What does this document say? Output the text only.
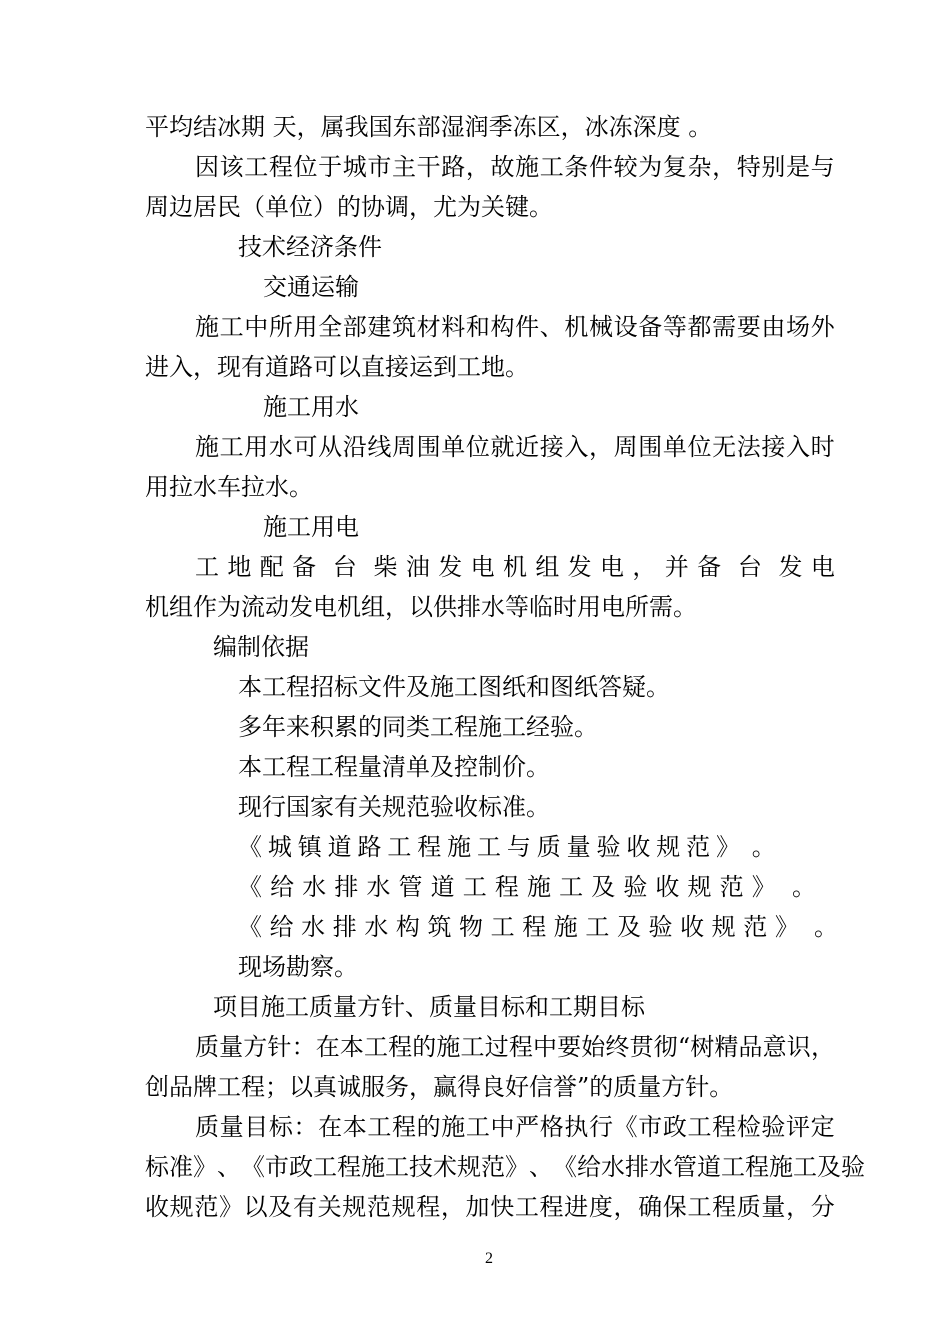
平均结冰期 天，属我国东部湿润季冻区，冰冻深度 。
因 该 工 程 位 于 城 市 主 干 路 ， 故 施 工 条 件 较 为 复 杂 ， 特 别 是 与
周边居民（单位）的协调，尤为关键。
技术经济条件
交通运输
施 工 中 所 用 全 部 建 筑 材 料 和 构 件 、 机 械 设 备 等 都 需 要 由 场 外
进入，现有道路可以直接运到工地。
施工用水
施 工 用 水 可 从 沿 线 周 围 单 位 就 近 接 入 ， 周 围 单 位 无 法 接 入 时
用拉水车拉水。
施工用电
工 地 配 备 台 柴 油 发 电 机 组 发 电 ， 并 备 台 发 电
机组作为流动发电机组，以供排水等临时用电所需。
编制依据
本工程招标文件及施工图纸和图纸答疑。
多年来积累的同类工程施工经验。
本工程工程量清单及控制价。
现行国家有关规范验收标准。
《 城 镇 道 路 工 程 施 工 与 质 量 验 收 规 范 》 。
《 给 水 排 水 管 道 工 程 施 工 及 验 收 规 范 》 。
《 给 水 排 水 构 筑 物 工 程 施 工 及 验 收 规 范 》 。
现场勘察。
项目施工质量方针、质量目标和工期目标
质 量 方 针 ： 在 本 工 程 的 施 工 过 程 中 要 始 终 贯 彻 “ 树 精 品 意 识 ，
创品牌工程；以真诚服务，赢得良好信誉”的质量方针。
质 量 目 标 ： 在 本 工 程 的 施 工 中 严 格 执 行 《 市 政 工 程 检 验 评 定
标 准 》 、 《 市 政 工 程 施 工 技 术 规 范 》 、 《 给 水 排 水 管 道 工 程 施 工 及 验
收 规 范 》 以 及 有 关 规 范 规 程 ， 加 快 工 程 进 度 ， 确 保 工 程 质 量 ， 分
2
